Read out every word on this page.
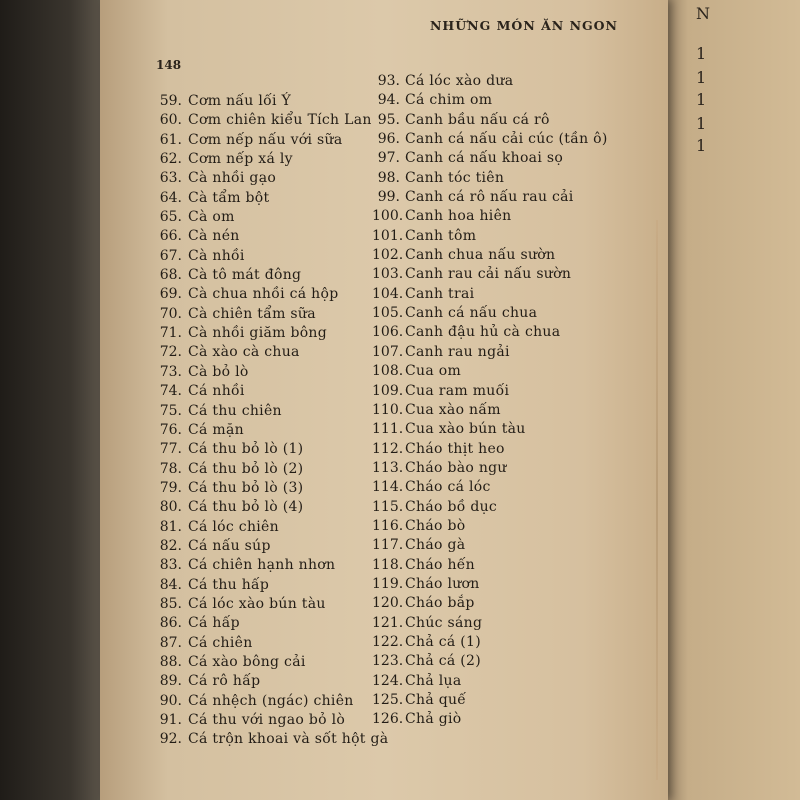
N
1
1
1
1
1
NHỮNG MÓN ĂN NGON
148
59. Cơm nấu lối Ý
60. Cơm chiên kiểu Tích Lan
61. Cơm nếp nấu với sữa
62. Cơm nếp xá ly
63. Cà nhồi gạo
64. Cà tẩm bột
65. Cà om
66. Cà nén
67. Cà nhồi
68. Cà tô mát đông
69. Cà chua nhồi cá hộp
70. Cà chiên tẩm sữa
71. Cà nhồi giăm bông
72. Cà xào cà chua
73. Cà bỏ lò
74. Cá nhồi
75. Cá thu chiên
76. Cá mặn
77. Cá thu bỏ lò (1)
78. Cá thu bỏ lò (2)
79. Cá thu bỏ lò (3)
80. Cá thu bỏ lò (4)
81. Cá lóc chiên
82. Cá nấu súp
83. Cá chiên hạnh nhơn
84. Cá thu hấp
85. Cá lóc xào bún tàu
86. Cá hấp
87. Cá chiên
88. Cá xào bông cải
89. Cá rô hấp
90. Cá nhệch (ngác) chiên
91. Cá thu với ngao bỏ lò
92. Cá trộn khoai và sốt hột gà
93. Cá lóc xào dưa
94. Cá chim om
95. Canh bầu nấu cá rô
96. Canh cá nấu cải cúc (tần ô)
97. Canh cá nấu khoai sọ
98. Canh tóc tiên
99. Canh cá rô nấu rau cải
100. Canh hoa hiên
101. Canh tôm
102. Canh chua nấu sườn
103. Canh rau cải nấu sườn
104. Canh trai
105. Canh cá nấu chua
106. Canh đậu hủ cà chua
107. Canh rau ngải
108. Cua om
109. Cua ram muối
110. Cua xào nấm
111. Cua xào bún tàu
112. Cháo thịt heo
113. Cháo bào ngư
114. Cháo cá lóc
115. Cháo bồ dục
116. Cháo bò
117. Cháo gà
118. Cháo hến
119. Cháo lươn
120. Cháo bắp
121. Chúc sáng
122. Chả cá (1)
123. Chả cá (2)
124. Chả lụa
125. Chả quế
126. Chả giò
